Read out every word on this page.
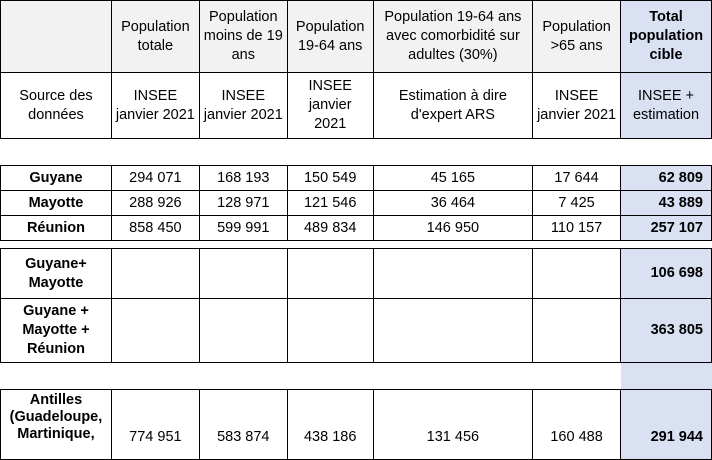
	Population totale	Population moins de 19 ans	Population 19-64 ans	Population 19-64 ans avec comorbidité sur adultes (30%)	Population >65 ans	Total population cible
Source des données	INSEE janvier 2021	INSEE janvier 2021	INSEE janvier 2021	Estimation à dire d'expert ARS	INSEE janvier 2021	INSEE + estimation

Guyane	294 071	168 193	150 549	45 165	17 644	62 809
Mayotte	288 926	128 971	121 546	36 464	7 425	43 889
Réunion	858 450	599 991	489 834	146 950	110 157	257 107

Guyane+ Mayotte						106 698
Guyane + Mayotte + Réunion						363 805

Antilles (Guadeloupe, Martinique,	774 951	583 874	438 186	131 456	160 488	291 944
